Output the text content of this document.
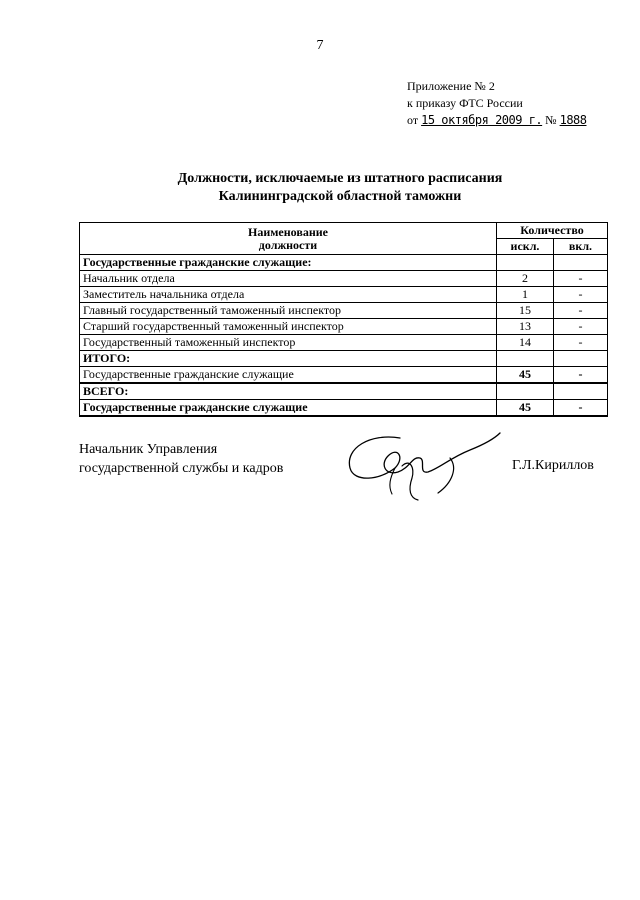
7
Приложение № 2
к приказу ФТС России
от 15 октября 2009 г. № 1888
Должности, исключаемые из штатного расписания
Калининградской областной таможни
Наименование
должности	Количество	
	искл.	вкл.
Государственные гражданские служащие:		
Начальник отдела	2	-
Заместитель начальника отдела	1	-
Главный государственный таможенный инспектор	15	-
Старший государственный таможенный инспектор	13	-
Государственный таможенный инспектор	14	-
ИТОГО:		
Государственные гражданские служащие	45	-
ВСЕГО:		
Государственные гражданские служащие	45	-
Начальник Управления
государственной службы и кадров	Г.Л.Кириллов
